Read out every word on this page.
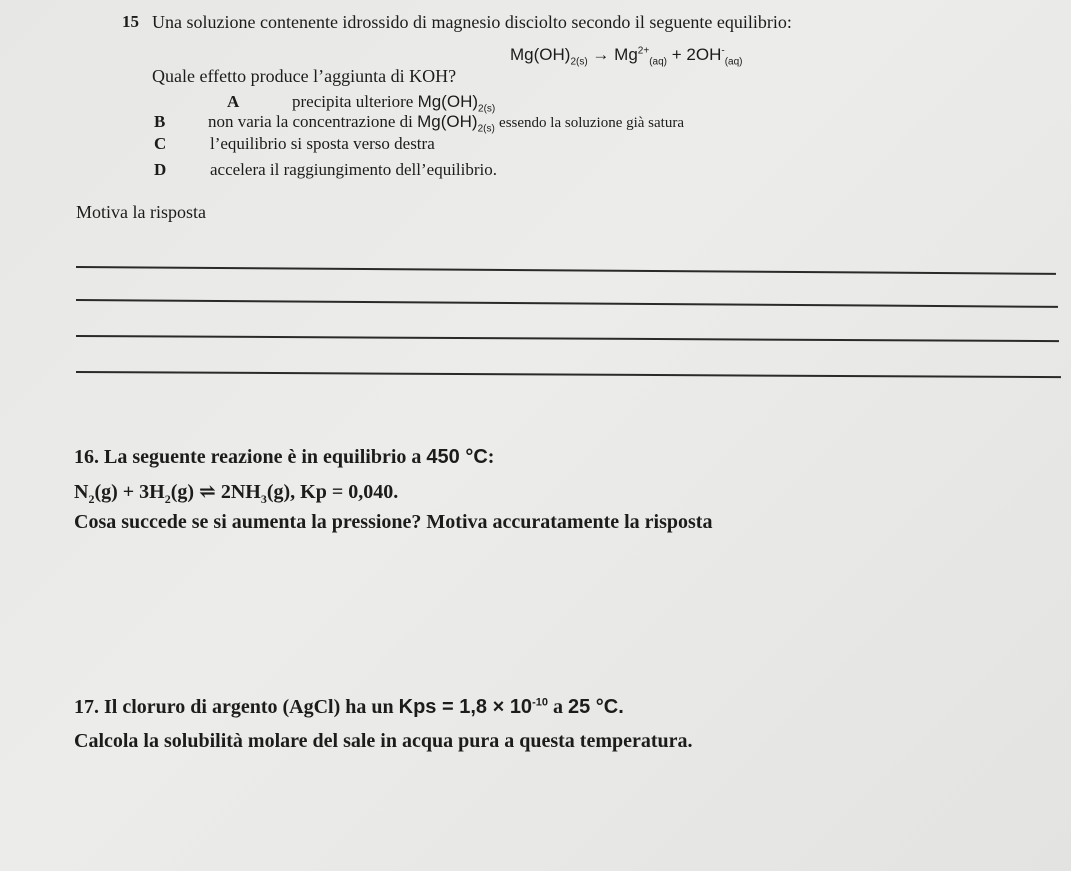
15 Una soluzione contenente idrossido di magnesio disciolto secondo il seguente equilibrio:
$Mg(OH)_{2(s)} \to Mg^{2+}_{(aq)} + 2OH^-_{(aq)}$
Quale effetto produce l’aggiunta di KOH?
A	precipita ulteriore $Mg(OH)_{2(s)}$
B	non varia la concentrazione di $Mg(OH)_{2(s)}$ essendo la soluzione già satura
C	l’equilibrio si sposta verso destra
D	accelera il raggiungimento dell’equilibrio.
Motiva la risposta
16. La seguente reazione è in equilibrio a 450 °C:
$N_2(g) + 3H_2(g)$ ⇌ $2NH_3(g)$, Kp = 0,040.
Cosa succede se si aumenta la pressione? Motiva accuratamente la risposta
17. Il cloruro di argento (AgCl) ha un Kps = $1,8 \times 10^{-10}$ a 25 °C.
Calcola la solubilità molare del sale in acqua pura a questa temperatura.
